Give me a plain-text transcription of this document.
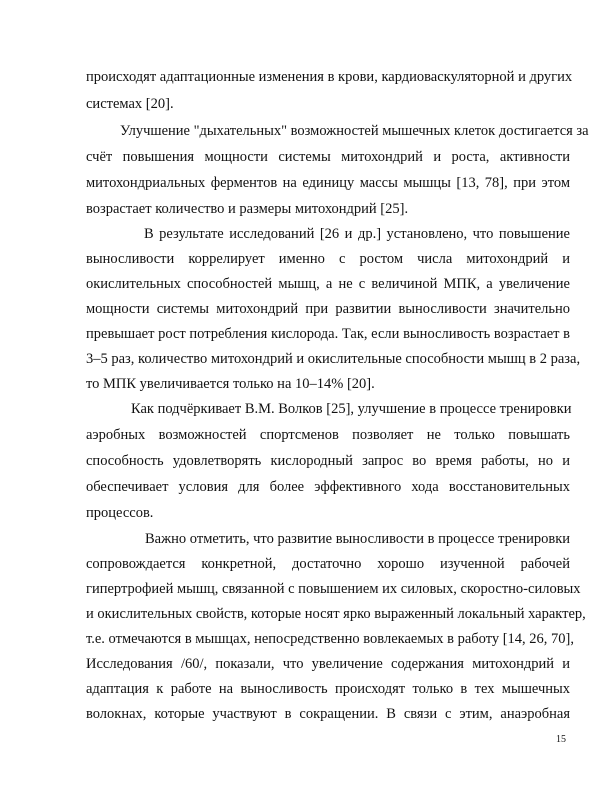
происходят адаптационные изменения в крови, кардиоваскуляторной и других
системах [20].
Улучшение "дыхательных" возможностей мышечных клеток достигается за
счёт повышения мощности системы митохондрий и роста, активности
митохондриальных ферментов на единицу массы мышцы [13, 78], при этом
возрастает количество и размеры митохондрий [25].
В результате исследований [26 и др.] установлено, что повышение
выносливости коррелирует именно с ростом числа митохондрий и
окислительных способностей мышц, а не с величиной МПК, а увеличение
мощности системы митохондрий при развитии выносливости значительно
превышает рост потребления кислорода. Так, если выносливость возрастает в
3–5 раз, количество митохондрий и окислительные способности мышц в 2 раза,
то МПК увеличивается только на 10–14% [20].
Как подчёркивает В.М. Волков [25], улучшение в процессе тренировки
аэробных возможностей спортсменов позволяет не только повышать
способность удовлетворять кислородный запрос во время работы, но и
обеспечивает условия для более эффективного хода восстановительных
процессов.
Важно отметить, что развитие выносливости в процессе тренировки
сопровождается конкретной, достаточно хорошо изученной рабочей
гипертрофией мышц, связанной с повышением их силовых, скоростно-силовых
и окислительных свойств, которые носят ярко выраженный локальный характер,
т.е. отмечаются в мышцах, непосредственно вовлекаемых в работу [14, 26, 70],
Исследования /60/, показали, что увеличение содержания митохондрий и
адаптация к работе на выносливость происходят только в тех мышечных
волокнах, которые участвуют в сокращении. В связи с этим, анаэробная
15
